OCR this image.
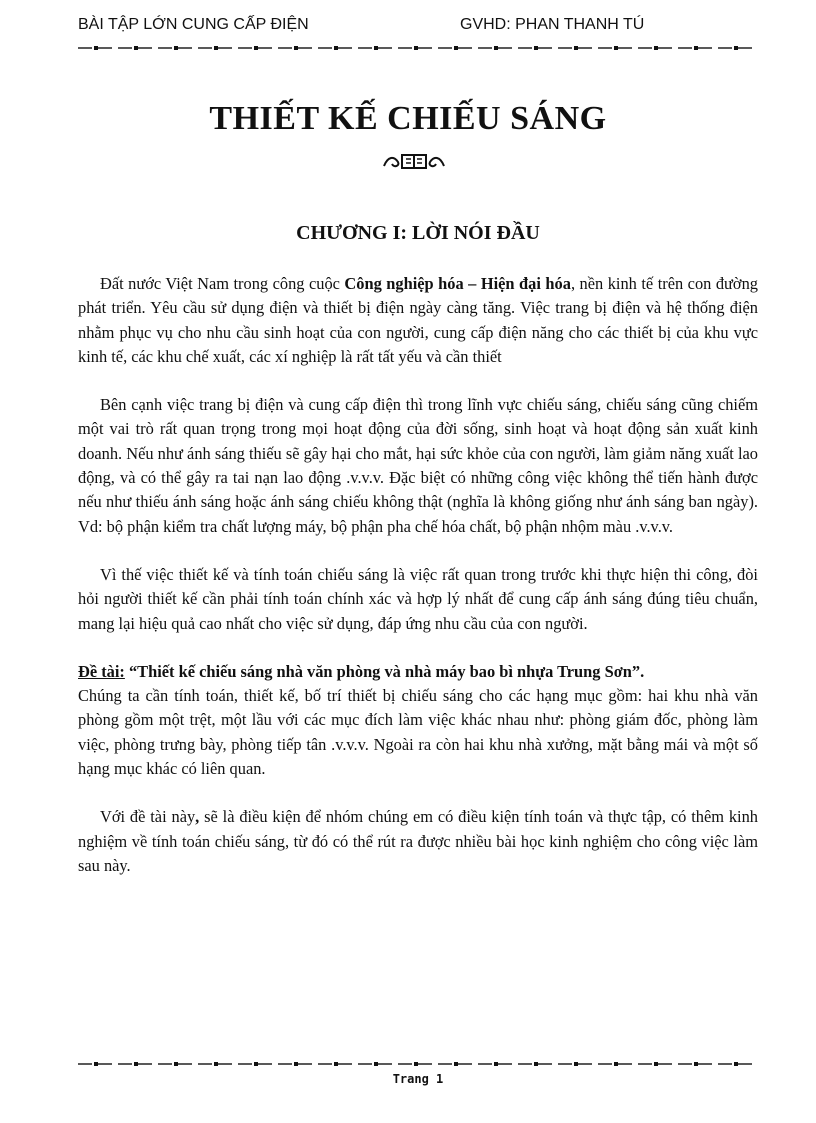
BÀI TẬP LỚN CUNG CẤP ĐIỆN	GVHD: PHAN THANH TÚ
THIẾT KẾ CHIẾU SÁNG
CHƯƠNG I: LỜI NÓI ĐẦU

Đất nước Việt Nam trong công cuộc Công nghiệp hóa – Hiện đại hóa, nền kinh tế trên con đường phát triển. Yêu cầu sử dụng điện và thiết bị điện ngày càng tăng. Việc trang bị điện và hệ thống điện nhằm phục vụ cho nhu cầu sinh hoạt của con người, cung cấp điện năng cho các thiết bị của khu vực kinh tế, các khu chế xuất, các xí nghiệp là rất tất yếu và cần thiết

Bên cạnh việc trang bị điện và cung cấp điện thì trong lĩnh vực chiếu sáng, chiếu sáng cũng chiếm một vai trò rất quan trọng trong mọi hoạt động của đời sống, sinh hoạt và hoạt động sản xuất kinh doanh. Nếu như ánh sáng thiếu sẽ gây hại cho mắt, hại sức khỏe của con người, làm giảm năng xuất lao động, và có thể gây ra tai nạn lao động .v.v.v. Đặc biệt có những công việc không thể tiến hành được nếu như thiếu ánh sáng hoặc ánh sáng chiếu không thật (nghĩa là không giống như ánh sáng ban ngày). Vd: bộ phận kiểm tra chất lượng máy, bộ phận pha chế hóa chất, bộ phận nhộm màu .v.v.v.

Vì thế việc thiết kế và tính toán chiếu sáng là việc rất quan trong trước khi thực hiện thi công, đòi hỏi người thiết kế cần phải tính toán chính xác và hợp lý nhất để cung cấp ánh sáng đúng tiêu chuẩn, mang lại hiệu quả cao nhất cho việc sử dụng, đáp ứng nhu cầu của con người.

Đề tài: “Thiết kế chiếu sáng nhà văn phòng và nhà máy bao bì nhựa Trung Sơn”.
Chúng ta cần tính toán, thiết kế, bố trí thiết bị chiếu sáng cho các hạng mục gồm: hai khu nhà văn phòng gồm một trệt, một lầu với các mục đích làm việc khác nhau như: phòng giám đốc, phòng làm việc, phòng trưng bày, phòng tiếp tân .v.v.v. Ngoài ra còn hai khu nhà xưởng, mặt bằng mái và một số hạng mục khác có liên quan.

Với đề tài này, sẽ là điều kiện để nhóm chúng em có điều kiện tính toán và thực tập, có thêm kinh nghiệm về tính toán chiếu sáng, từ đó có thể rút ra được nhiều bài học kinh nghiệm cho công việc làm sau này.

Trang 1
